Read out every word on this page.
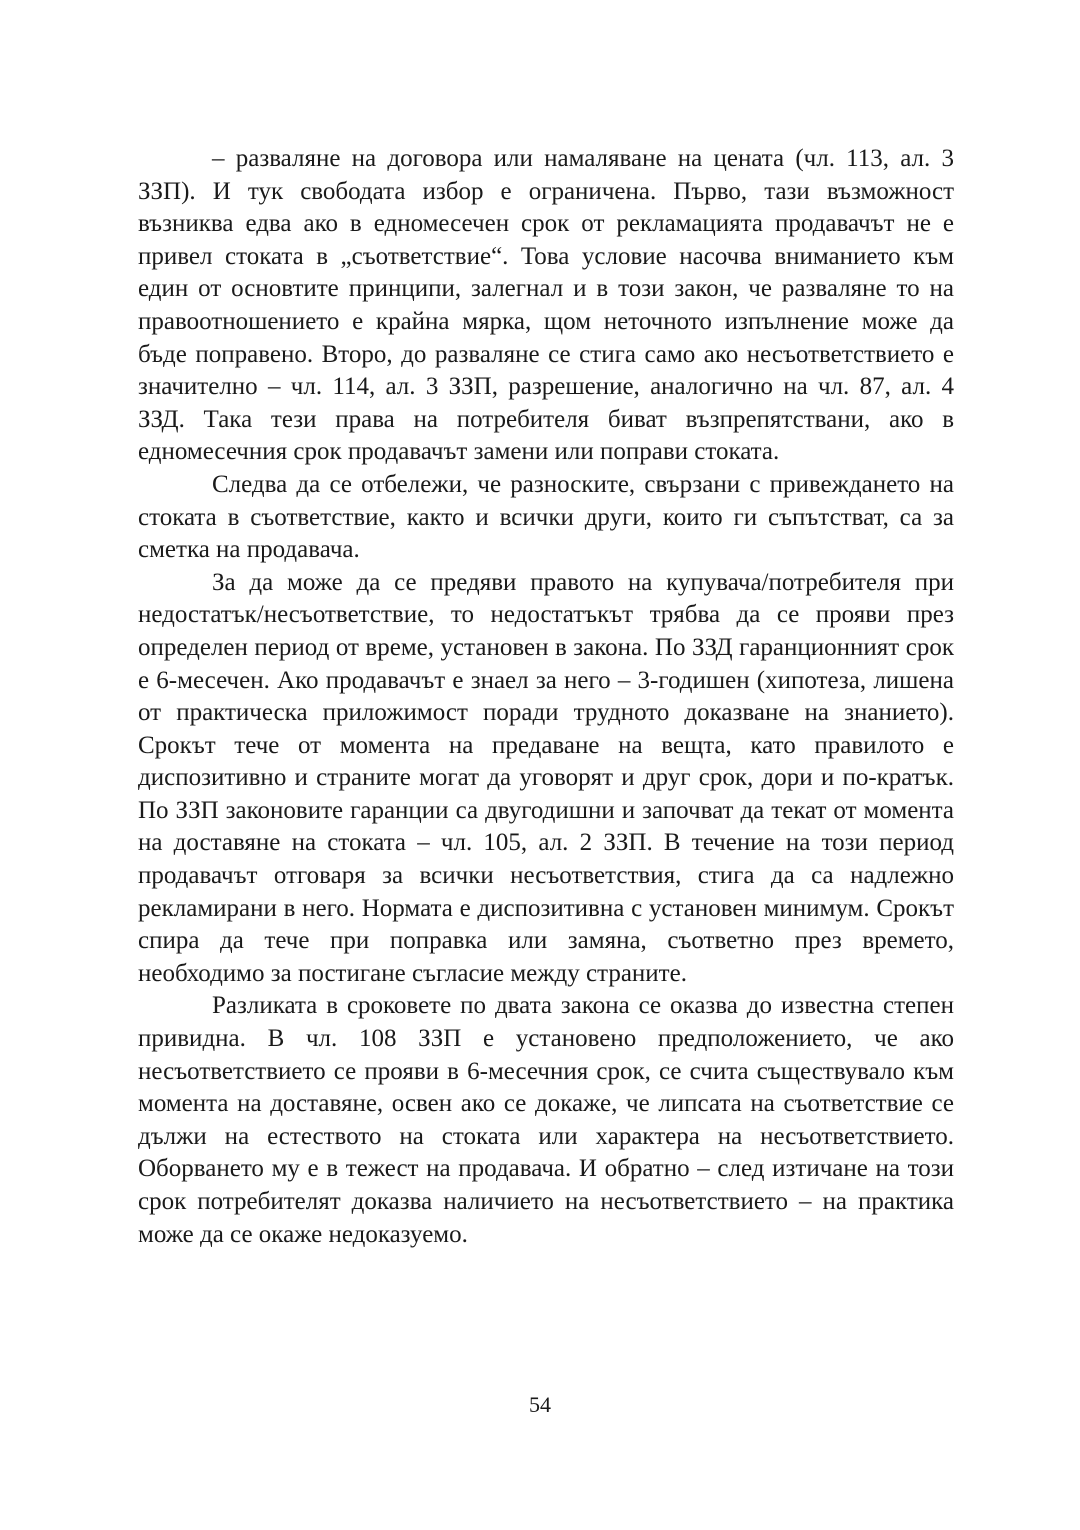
– разваляне на договора или намаляване на цената (чл. 113, ал. 3 ЗЗП). И тук свободата избор е ограничена. Първо, тази възможност възниква едва ако в едномесечен срок от рекламацията продавачът не е привел стоката в „съответствие“. Това условие насочва вниманието към един от основтите принципи, залегнал и в този закон, че разваляне то на правоотношението е крайна мярка, щом неточното изпълнение може да бъде поправено. Второ, до разваляне се стига само ако несъответствието е значително – чл. 114, ал. 3 ЗЗП, разрешение, аналогично на чл. 87, ал. 4 ЗЗД. Така тези права на потребителя биват възпрепятствани, ако в едномесечния срок продавачът замени или поправи стоката.

Следва да се отбележи, че разноските, свързани с привеждането на стоката в съответствие, както и всички други, които ги съпътстват, са за сметка на продавача.

За да може да се предяви правото на купувача/потребителя при недостатък/несъответствие, то недостатъкът трябва да се прояви през определен период от време, установен в закона. По ЗЗД гаранционният срок е 6-месечен. Ако продавачът е знаел за него – 3-годишен (хипотеза, лишена от практическа приложимост поради трудното доказване на знанието). Срокът тече от момента на предаване на вещта, като правилото е диспозитивно и страните могат да уговорят и друг срок, дори и по-кратък. По ЗЗП законовите гаранции са двугодишни и започват да текат от момента на доставяне на стоката – чл. 105, ал. 2 ЗЗП. В течение на този период продавачът отговаря за всички несъответствия, стига да са надлежно рекламирани в него. Нормата е диспозитивна с установен минимум. Срокът спира да тече при поправка или замяна, съответно през времето, необходимо за постигане съгласие между страните.

Разликата в сроковете по двата закона се оказва до известна степен привидна. В чл. 108 ЗЗП е установено предположението, че ако несъответствието се прояви в 6-месечния срок, се счита съществувало към момента на доставяне, освен ако се докаже, че липсата на съответствие се дължи на естеството на стоката или характера на несъответствието. Оборването му е в тежест на продавача. И обратно – след изтичане на този срок потребителят доказва наличието на несъответствието – на практика може да се окаже недоказуемо.

54
